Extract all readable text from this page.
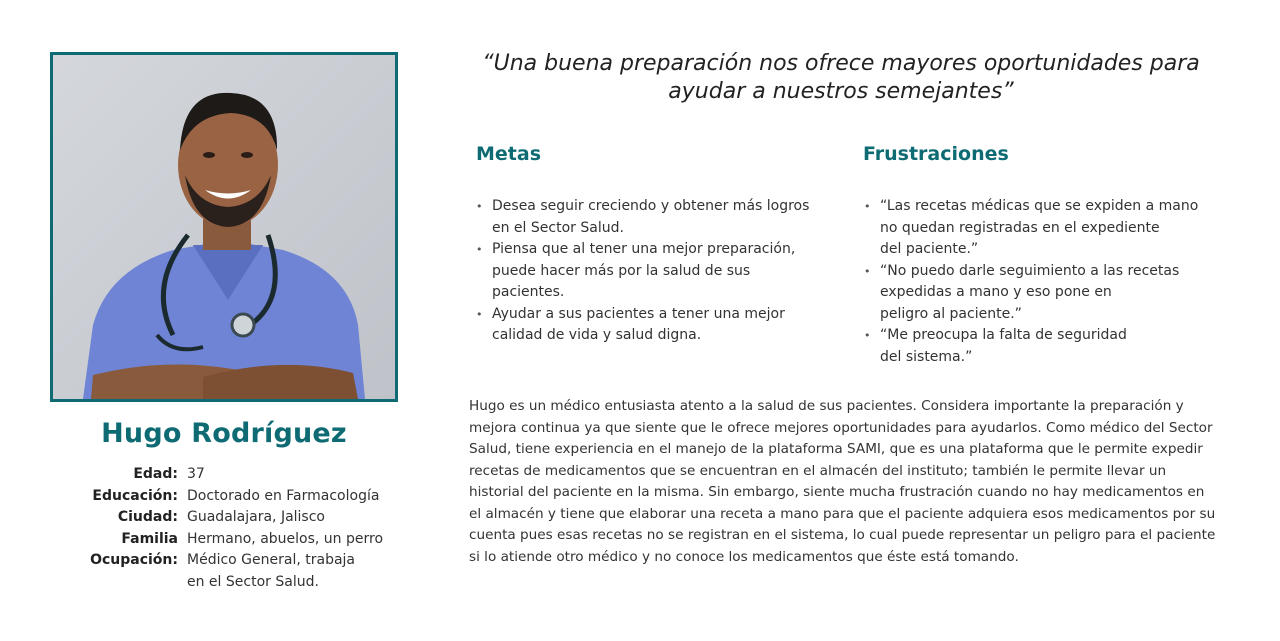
Hugo Rodríguez
Edad: 37
Educación: Doctorado en Farmacología
Ciudad: Guadalajara, Jalisco
Familia Hermano, abuelos, un perro
Ocupación: Médico General, trabaja
en el Sector Salud.
“Una buena preparación nos ofrece mayores oportunidades para ayudar a nuestros semejantes”
Metas
• Desea seguir creciendo y obtener más logros
en el Sector Salud.
• Piensa que al tener una mejor preparación,
puede hacer más por la salud de sus
pacientes.
• Ayudar a sus pacientes a tener una mejor
calidad de vida y salud digna.
Frustraciones
• “Las recetas médicas que se expiden a mano
no quedan registradas en el expediente
del paciente.”
• “No puedo darle seguimiento a las recetas
expedidas a mano y eso pone en
peligro al paciente.”
• “Me preocupa la falta de seguridad
del sistema.”
Hugo es un médico entusiasta atento a la salud de sus pacientes. Considera importante la preparación y mejora continua ya que siente que le ofrece mejores oportunidades para ayudarlos. Como médico del Sector Salud, tiene experiencia en el manejo de la plataforma SAMI, que es una plataforma que le permite expedir recetas de medicamentos que se encuentran en el almacén del instituto; también le permite llevar un historial del paciente en la misma. Sin embargo, siente mucha frustración cuando no hay medicamentos en el almacén y tiene que elaborar una receta a mano para que el paciente adquiera esos medicamentos por su cuenta pues esas recetas no se registran en el sistema, lo cual puede representar un peligro para el paciente si lo atiende otro médico y no conoce los medicamentos que éste está tomando.
